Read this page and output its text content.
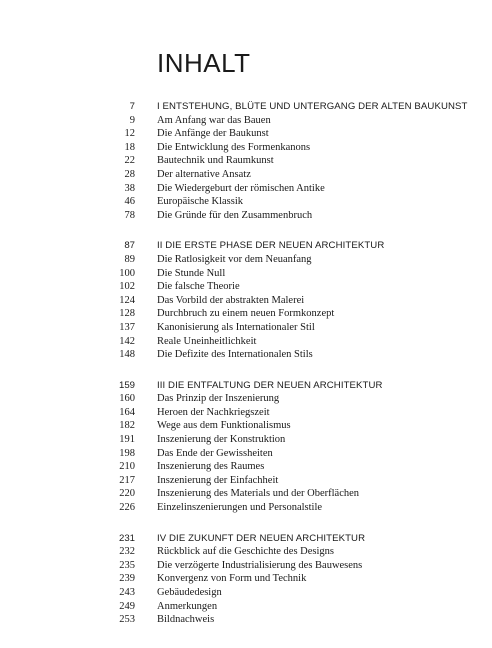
INHALT
7 I ENTSTEHUNG, BLÜTE UND UNTERGANG DER ALTEN BAUKUNST
9 Am Anfang war das Bauen
12 Die Anfänge der Baukunst
18 Die Entwicklung des Formenkanons
22 Bautechnik und Raumkunst
28 Der alternative Ansatz
38 Die Wiedergeburt der römischen Antike
46 Europäische Klassik
78 Die Gründe für den Zusammenbruch
87 II DIE ERSTE PHASE DER NEUEN ARCHITEKTUR
89 Die Ratlosigkeit vor dem Neuanfang
100 Die Stunde Null
102 Die falsche Theorie
124 Das Vorbild der abstrakten Malerei
128 Durchbruch zu einem neuen Formkonzept
137 Kanonisierung als Internationaler Stil
142 Reale Uneinheitlichkeit
148 Die Defizite des Internationalen Stils
159 III DIE ENTFALTUNG DER NEUEN ARCHITEKTUR
160 Das Prinzip der Inszenierung
164 Heroen der Nachkriegszeit
182 Wege aus dem Funktionalismus
191 Inszenierung der Konstruktion
198 Das Ende der Gewissheiten
210 Inszenierung des Raumes
217 Inszenierung der Einfachheit
220 Inszenierung des Materials und der Oberflächen
226 Einzelinszenierungen und Personalstile
231 IV DIE ZUKUNFT DER NEUEN ARCHITEKTUR
232 Rückblick auf die Geschichte des Designs
235 Die verzögerte Industrialisierung des Bauwesens
239 Konvergenz von Form und Technik
243 Gebäudedesign
249 Anmerkungen
253 Bildnachweis
